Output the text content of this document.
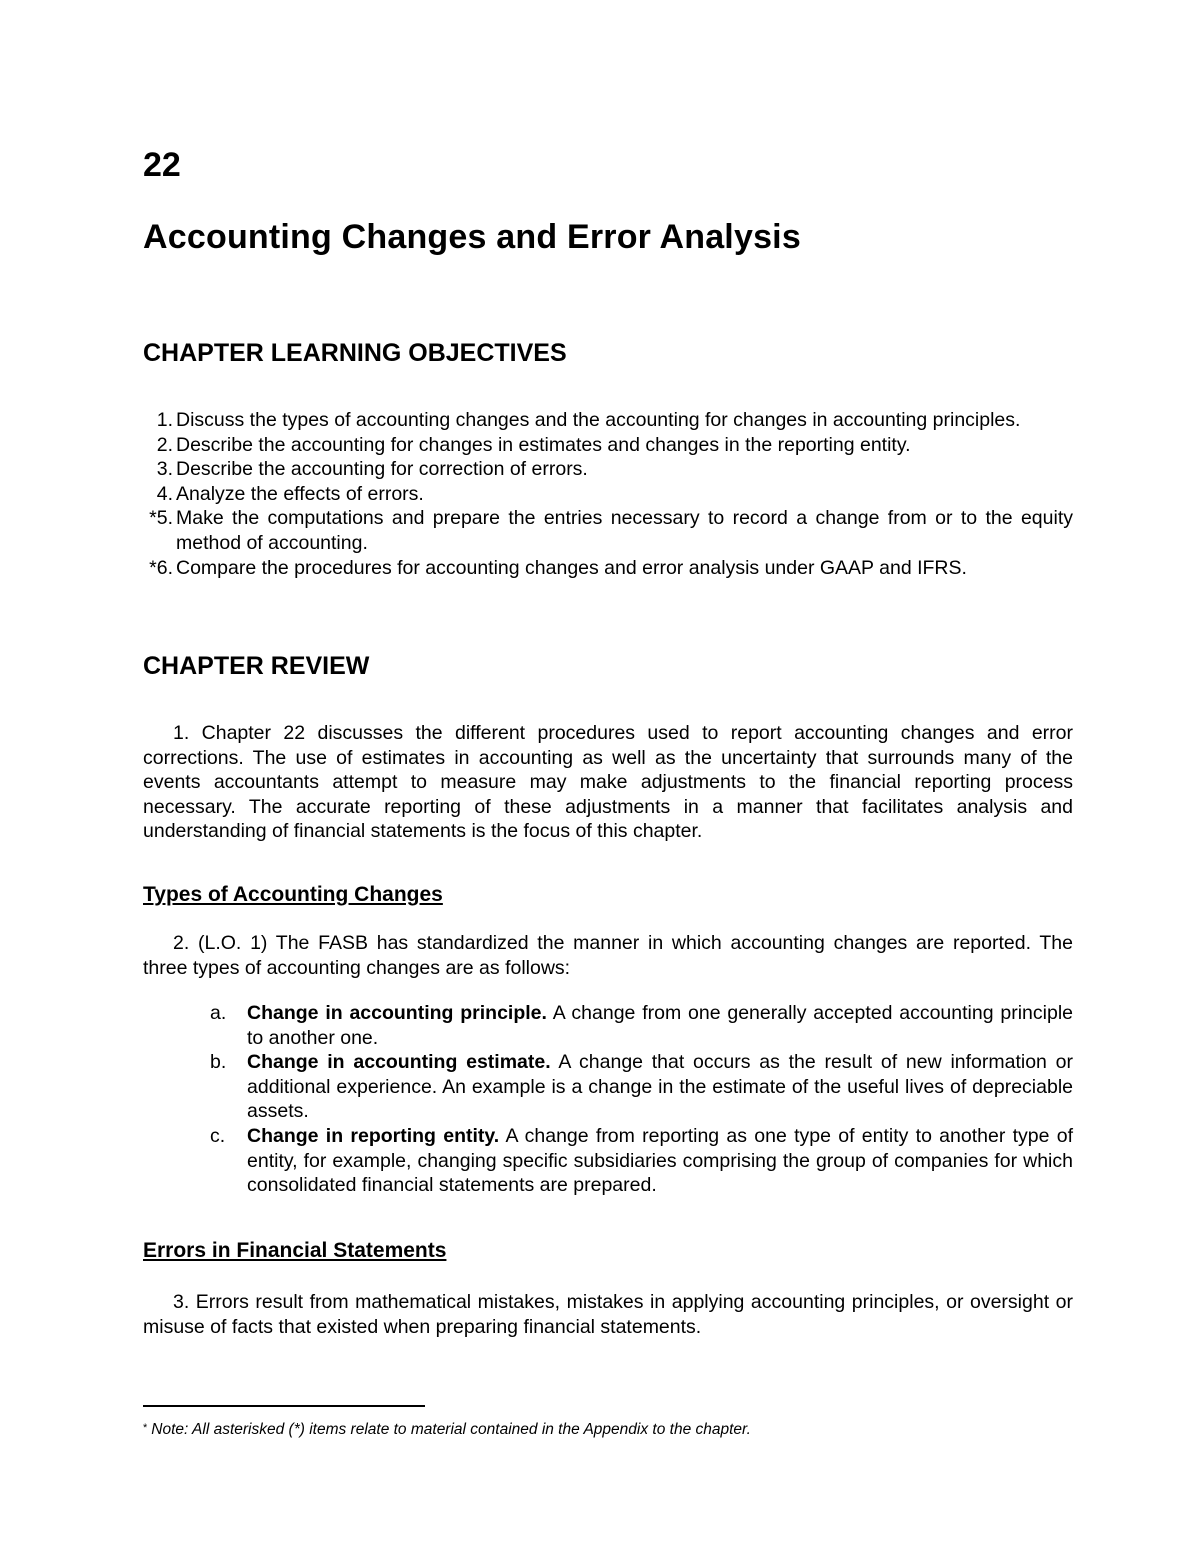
22
Accounting Changes and Error Analysis
CHAPTER LEARNING OBJECTIVES
1. Discuss the types of accounting changes and the accounting for changes in accounting principles.
2. Describe the accounting for changes in estimates and changes in the reporting entity.
3. Describe the accounting for correction of errors.
4. Analyze the effects of errors.
*5. Make the computations and prepare the entries necessary to record a change from or to the equity method of accounting.
*6. Compare the procedures for accounting changes and error analysis under GAAP and IFRS.
CHAPTER REVIEW

1. Chapter 22 discusses the different procedures used to report accounting changes and error corrections. The use of estimates in accounting as well as the uncertainty that surrounds many of the events accountants attempt to measure may make adjustments to the financial reporting process necessary. The accurate reporting of these adjustments in a manner that facilitates analysis and understanding of financial statements is the focus of this chapter.

Types of Accounting Changes

2. (L.O. 1) The FASB has standardized the manner in which accounting changes are reported. The three types of accounting changes are as follows:

a. Change in accounting principle. A change from one generally accepted accounting principle to another one.
b. Change in accounting estimate. A change that occurs as the result of new information or additional experience. An example is a change in the estimate of the useful lives of depreciable assets.
c. Change in reporting entity. A change from reporting as one type of entity to another type of entity, for example, changing specific subsidiaries comprising the group of companies for which consolidated financial statements are prepared.
Errors in Financial Statements

3. Errors result from mathematical mistakes, mistakes in applying accounting principles, or oversight or misuse of facts that existed when preparing financial statements.

* Note: All asterisked (*) items relate to material contained in the Appendix to the chapter.
